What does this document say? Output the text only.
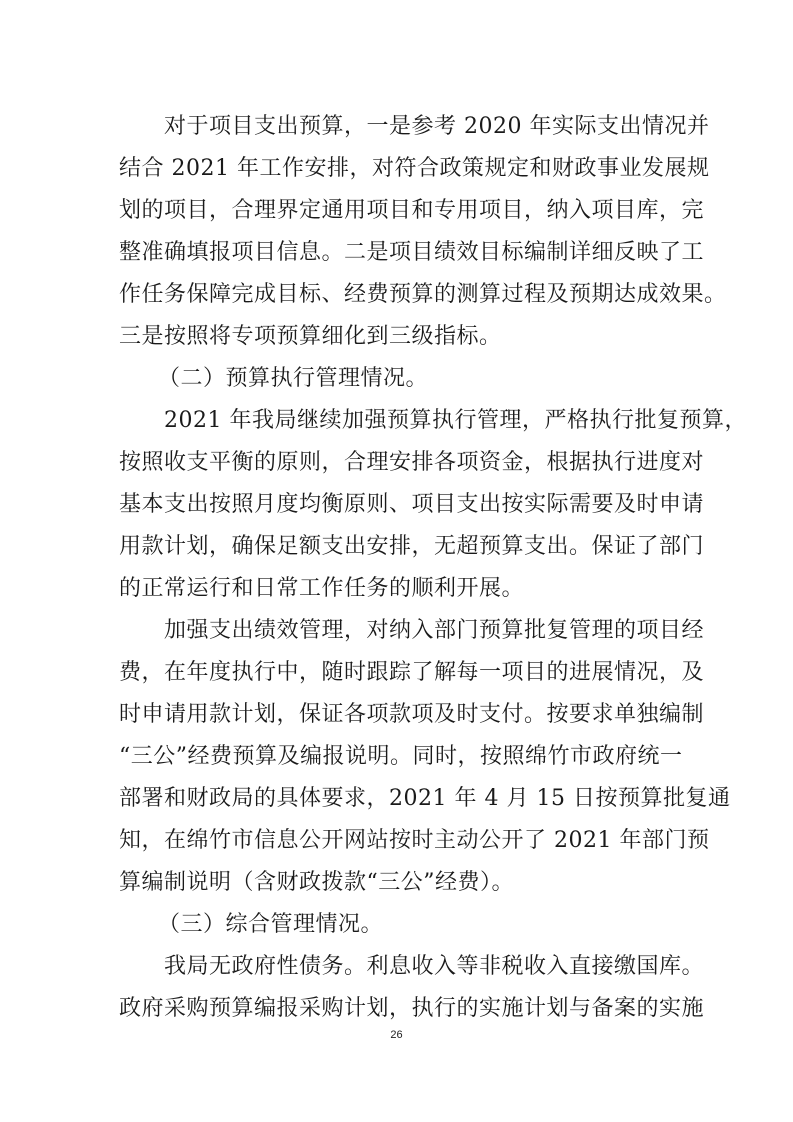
对于项目支出预算，一是参考 2020 年实际支出情况并
结合 2021 年工作安排，对符合政策规定和财政事业发展规
划的项目，合理界定通用项目和专用项目，纳入项目库，完
整准确填报项目信息。二是项目绩效目标编制详细反映了工
作任务保障完成目标、经费预算的测算过程及预期达成效果。
三是按照将专项预算细化到三级指标。
（二）预算执行管理情况。
2021 年我局继续加强预算执行管理，严格执行批复预算，
按照收支平衡的原则，合理安排各项资金，根据执行进度对
基本支出按照月度均衡原则、项目支出按实际需要及时申请
用款计划，确保足额支出安排，无超预算支出。保证了部门
的正常运行和日常工作任务的顺利开展。
加强支出绩效管理，对纳入部门预算批复管理的项目经
费，在年度执行中，随时跟踪了解每一项目的进展情况，及
时申请用款计划，保证各项款项及时支付。按要求单独编制
“三公”经费预算及编报说明。同时，按照绵竹市政府统一
部署和财政局的具体要求，2021 年 4 月 15 日按预算批复通
知，在绵竹市信息公开网站按时主动公开了 2021 年部门预
算编制说明（含财政拨款“三公”经费）。
（三）综合管理情况。
我局无政府性债务。利息收入等非税收入直接缴国库。
政府采购预算编报采购计划，执行的实施计划与备案的实施
26
